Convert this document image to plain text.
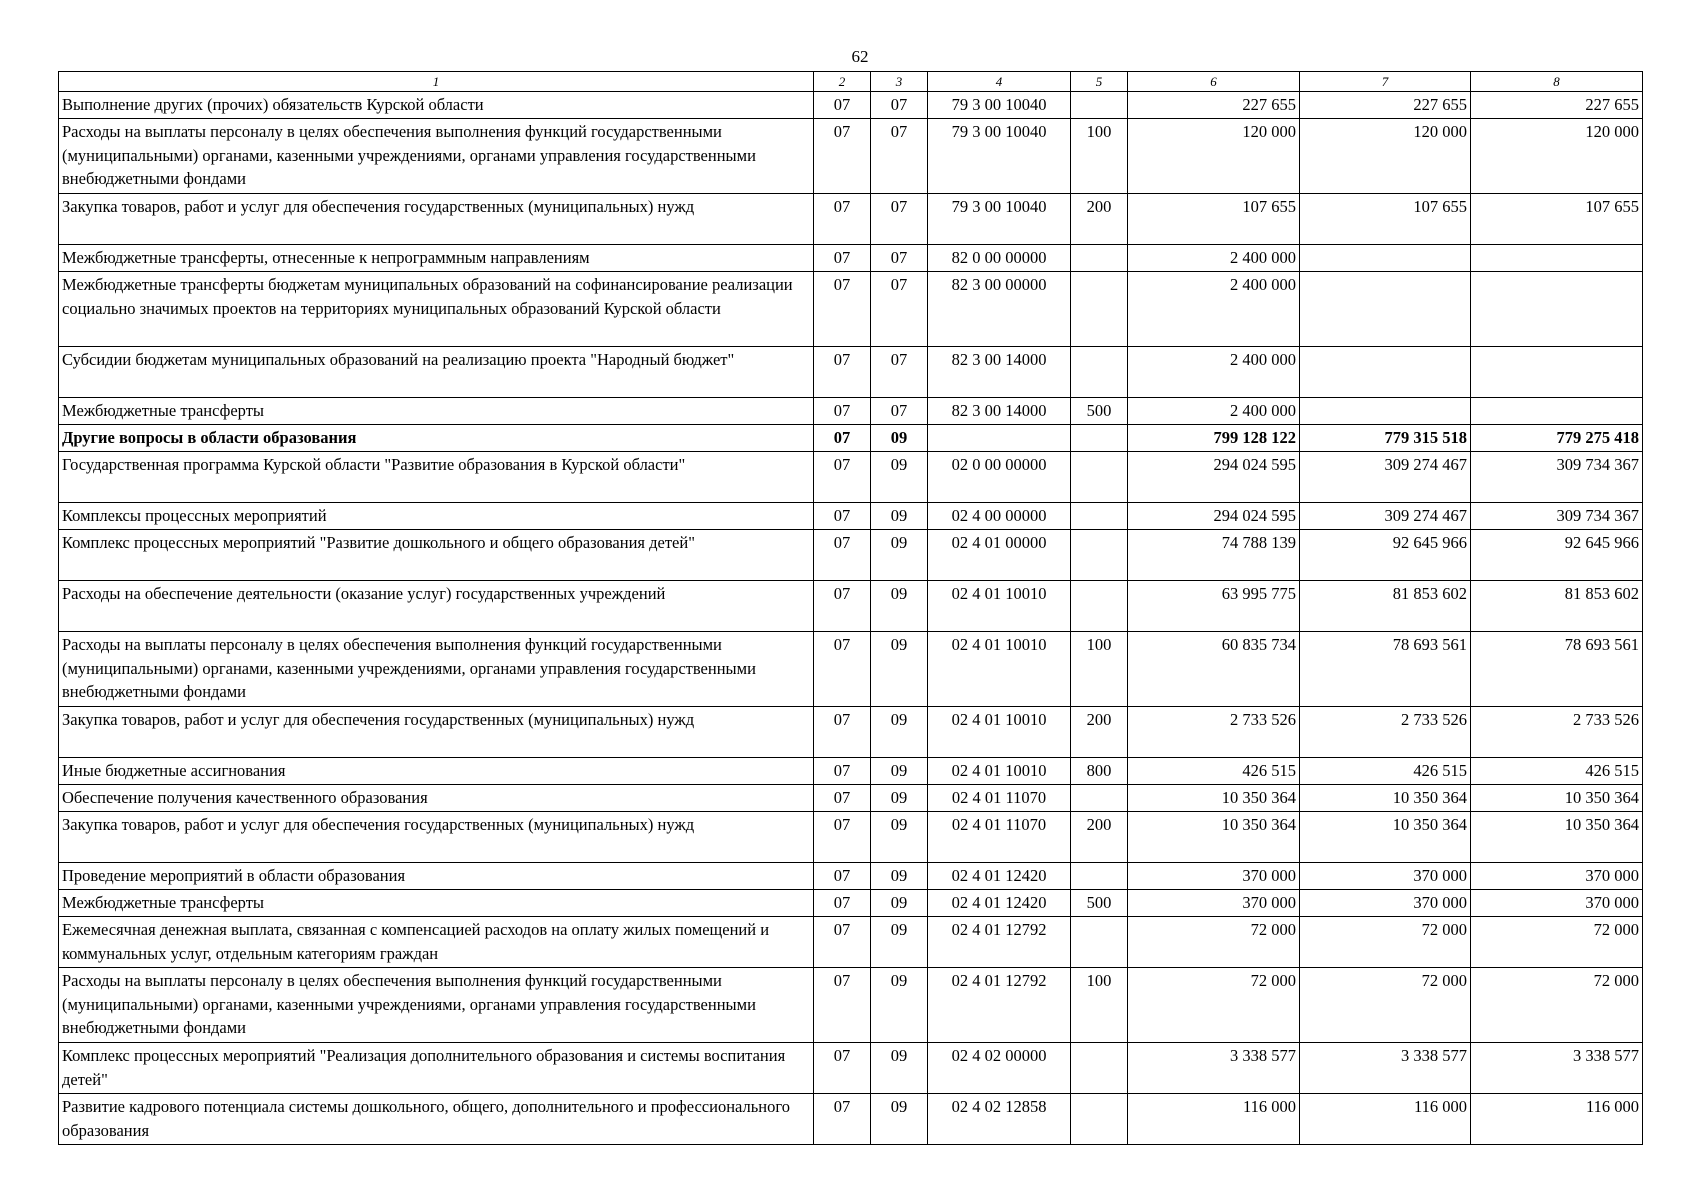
62
1	2	3	4	5	6	7	8
Выполнение других (прочих) обязательств Курской области	07	07	79 3 00 10040		227 655	227 655	227 655
Расходы на выплаты персоналу в целях обеспечения выполнения функций государственными (муниципальными) органами, казенными учреждениями, органами управления государственными внебюджетными фондами	07	07	79 3 00 10040	100	120 000	120 000	120 000
Закупка товаров, работ и услуг для обеспечения государственных (муниципальных) нужд	07	07	79 3 00 10040	200	107 655	107 655	107 655
Межбюджетные трансферты, отнесенные к непрограммным направлениям	07	07	82 0 00 00000		2 400 000		
Межбюджетные трансферты бюджетам муниципальных образований на софинансирование реализации социально значимых проектов на территориях муниципальных образований Курской области	07	07	82 3 00 00000		2 400 000		
Субсидии бюджетам муниципальных образований на реализацию проекта "Народный бюджет"	07	07	82 3 00 14000		2 400 000		
Межбюджетные трансферты	07	07	82 3 00 14000	500	2 400 000		
Другие вопросы в области образования	07	09			799 128 122	779 315 518	779 275 418
Государственная программа Курской области "Развитие образования в Курской области"	07	09	02 0 00 00000		294 024 595	309 274 467	309 734 367
Комплексы процессных мероприятий	07	09	02 4 00 00000		294 024 595	309 274 467	309 734 367
Комплекс процессных мероприятий "Развитие дошкольного и общего образования детей"	07	09	02 4 01 00000		74 788 139	92 645 966	92 645 966
Расходы на обеспечение деятельности (оказание услуг) государственных учреждений	07	09	02 4 01 10010		63 995 775	81 853 602	81 853 602
Расходы на выплаты персоналу в целях обеспечения выполнения функций государственными (муниципальными) органами, казенными учреждениями, органами управления государственными внебюджетными фондами	07	09	02 4 01 10010	100	60 835 734	78 693 561	78 693 561
Закупка товаров, работ и услуг для обеспечения государственных (муниципальных) нужд	07	09	02 4 01 10010	200	2 733 526	2 733 526	2 733 526
Иные бюджетные ассигнования	07	09	02 4 01 10010	800	426 515	426 515	426 515
Обеспечение получения качественного образования	07	09	02 4 01 11070		10 350 364	10 350 364	10 350 364
Закупка товаров, работ и услуг для обеспечения государственных (муниципальных) нужд	07	09	02 4 01 11070	200	10 350 364	10 350 364	10 350 364
Проведение мероприятий в области образования	07	09	02 4 01 12420		370 000	370 000	370 000
Межбюджетные трансферты	07	09	02 4 01 12420	500	370 000	370 000	370 000
Ежемесячная денежная выплата, связанная с компенсацией расходов на оплату жилых помещений и коммунальных услуг, отдельным категориям граждан	07	09	02 4 01 12792		72 000	72 000	72 000
Расходы на выплаты персоналу в целях обеспечения выполнения функций государственными (муниципальными) органами, казенными учреждениями, органами управления государственными внебюджетными фондами	07	09	02 4 01 12792	100	72 000	72 000	72 000
Комплекс процессных мероприятий "Реализация дополнительного образования и системы воспитания детей"	07	09	02 4 02 00000		3 338 577	3 338 577	3 338 577
Развитие кадрового потенциала системы дошкольного, общего, дополнительного и профессионального образования	07	09	02 4 02 12858		116 000	116 000	116 000
